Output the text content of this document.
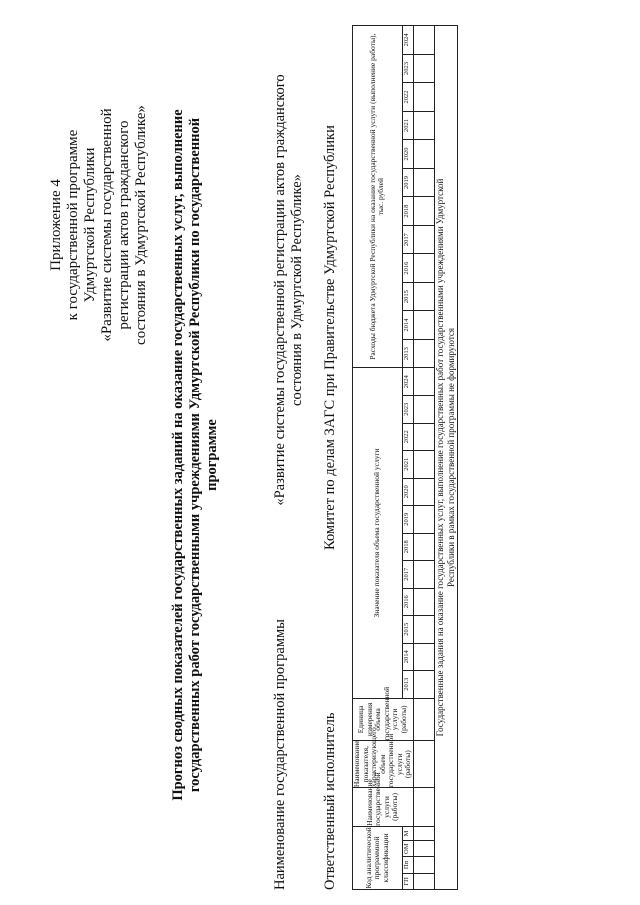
Приложение 4 к государственной программе Удмуртской Республики «Развитие системы государственной регистрации актов гражданского состояния в Удмуртской Республике» Прогноз сводных показателей государственных заданий на оказание государственных услуг, выполнение государственных работ государственными учреждениями Удмуртской Республики по государственной программе
Наименование государственной программы
«Развитие системы государственной регистрации актов гражданского состояния в Удмуртской Республике»
Ответственный исполнитель
Комитет по делам ЗАГС при Правительстве Удмуртской Республики
Код аналитической программной классификации				Наименование государственной услуги (работы)	Наименование показателя, характеризующего объем государственной услуги (работы)	Единица измерения объема государственной услуги (работы)	Значение показателя объема государственной услуги												Расходы бюджета Удмуртской Республики на оказание государственной услуги (выполнение работы), тыс. рублей											
ГП	Пп	ОМ	М				2013	2014	2015	2016	2017	2018	2019	2020	2021	2022	2023	2024	2013	2014	2015	2016	2017	2018	2019	2020	2021	2022	2023	2024

Государственные задания на оказание государственных услуг, выполнение государственных работ государственными учреждениями Удмуртской Республики в рамках государственной программы не формируются																														
